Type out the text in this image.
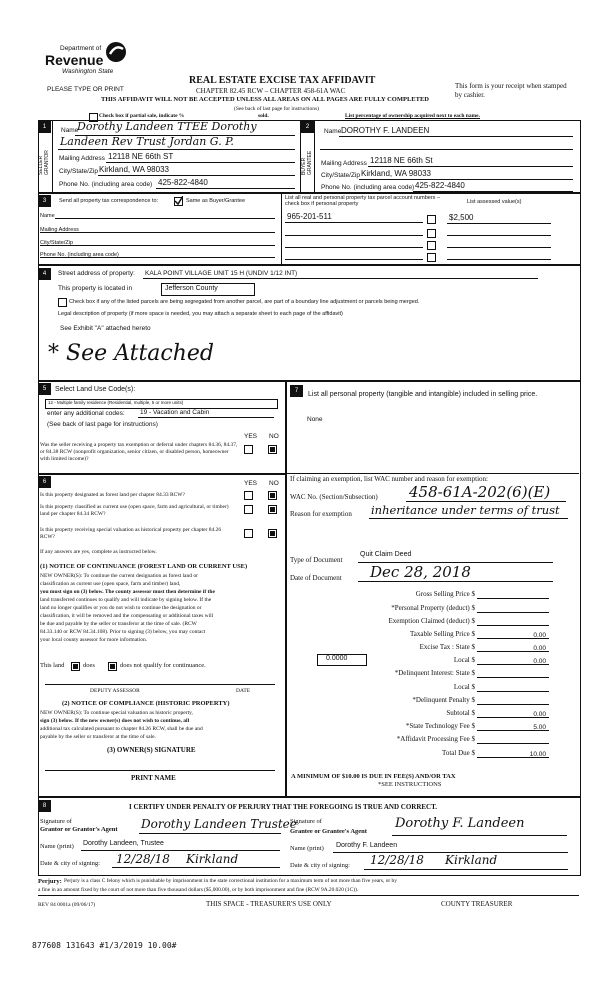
Department of
Revenue
Washington State
PLEASE TYPE OR PRINT
REAL ESTATE EXCISE TAX AFFIDAVIT
CHAPTER 82.45 RCW – CHAPTER 458-61A WAC
THIS AFFIDAVIT WILL NOT BE ACCEPTED UNLESS ALL AREAS ON ALL PAGES ARE FULLY COMPLETED
This form is your receipt when stamped by cashier.
(See back of last page for instructions)
Check box if partial sale, indicate %	sold.	List percentage of ownership acquired next to each name.
1	2
SELLER GRANTOR	BUYER GRANTEE
Name
Dorothy Landeen TTEE Dorothy
Landeen Rev Trust Jordan G. P.
Mailing Address 12118 NE 66th ST
City/State/Zip Kirkland, WA 98033
Phone No. (including area code) 425-822-4840
Name DOROTHY F. LANDEEN
Mailing Address 12118 NE 66th St
City/State/Zip Kirkland, WA 98033
Phone No. (including area code) 425-822-4840
3	Send all property tax correspondence to:	Same as Buyer/Grantee
Name
Mailing Address
City/State/Zip
Phone No. (including area code)
List all real and personal property tax parcel account numbers – check box if personal property	List assessed value(s)
965-201-511	$2,500
4	Street address of property: KALA POINT VILLAGE UNIT 15 H (UNDIV 1/12 INT)
This property is located in	Jefferson County
Check box if any of the listed parcels are being segregated from another parcel, are part of a boundary line adjustment or parcels being merged.
Legal description of property (if more space is needed, you may attach a separate sheet to each page of the affidavit)
See Exhibit "A" attached hereto
* See Attached
5	Select Land Use Code(s):
12 - Multiple family residence (Residential, multiple, 5 or more units)
enter any additional codes: 19 - Vacation and Cabin
(See back of last page for instructions)
YES NO
Was the seller receiving a property tax exemption or deferral under chapters 84.36, 84.37, or 84.38 RCW (nonprofit organization, senior citizen, or disabled person, homeowner with limited income)?
7	List all personal property (tangible and intangible) included in selling price.
None
If claiming an exemption, list WAC number and reason for exemption:
WAC No. (Section/Subsection) 458-61A-202(6)(E)
Reason for exemption inheritance under terms of trust
Type of Document
Quit Claim Deed
Date of Document Dec 28, 2018
Gross Selling Price $
*Personal Property (deduct) $
Exemption Claimed (deduct) $
Taxable Selling Price $	0.00
Excise Tax : State $	0.00
0.0000	Local $	0.00
*Delinquent Interest: State $
Local $
*Delinquent Penalty $
Subtotal $	0.00
*State Technology Fee $	5.00
*Affidavit Processing Fee $
Total Due $	10.00
A MINIMUM OF $10.00 IS DUE IN FEE(S) AND/OR TAX
*SEE INSTRUCTIONS
6	YES NO
Is this property designated as forest land per chapter 84.33 RCW?
Is this property classified as current use (open space, farm and agricultural, or timber) land per chapter 84.34 RCW?
Is this property receiving special valuation as historical property per chapter 84.26 RCW?
If any answers are yes, complete as instructed below.
(1) NOTICE OF CONTINUANCE (FOREST LAND OR CURRENT USE)
NEW OWNER(S): To continue the current designation as forest land or
classification as current use (open space, farm and timber) land,
you must sign on (3) below. The county assessor must then determine if the
land transferred continues to qualify and will indicate by signing below. If the
land no longer qualifies or you do not wish to continue the designation or
classification, it will be removed and the compensating or additional taxes will
be due and payable by the seller or transferor at the time of sale. (RCW
84.33.140 or RCW 84.34.108). Prior to signing (3) below, you may contact
your local county assessor for more information.
This land	does	does not qualify for continuance.
DEPUTY ASSESSOR	DATE
(2) NOTICE OF COMPLIANCE (HISTORIC PROPERTY)
NEW OWNER(S): To continue special valuation as historic property,
sign (3) below. If the new owner(s) does not wish to continue, all
additional tax calculated pursuant to chapter 84.26 RCW, shall be due and
payable by the seller or transferor at the time of sale.
(3) OWNER(S) SIGNATURE
PRINT NAME
8	I CERTIFY UNDER PENALTY OF PERJURY THAT THE FOREGOING IS TRUE AND CORRECT.
Signature of
Grantor or Grantor's Agent Dorothy Landeen Trustee
Name (print) Dorothy Landeen, Trustee
Date & city of signing: 12/28/18 Kirkland
Signature of
Grantee or Grantee's Agent
Dorothy F. Landeen
Name (print) Dorothy F. Landeen
Date & city of signing: 12/28/18 Kirkland
Perjury: Perjury is a class C felony which is punishable by imprisonment in the state correctional institution for a maximum term of not more than five years, or by
a fine in an amount fixed by the court of not more than five thousand dollars ($5,000.00), or by both imprisonment and fine (RCW 9A.20.020 (1C)).
REV 84 0001a (09/06/17)	THIS SPACE - TREASURER'S USE ONLY	COUNTY TREASURER
877608 131643 #1/3/2019 10.00#
